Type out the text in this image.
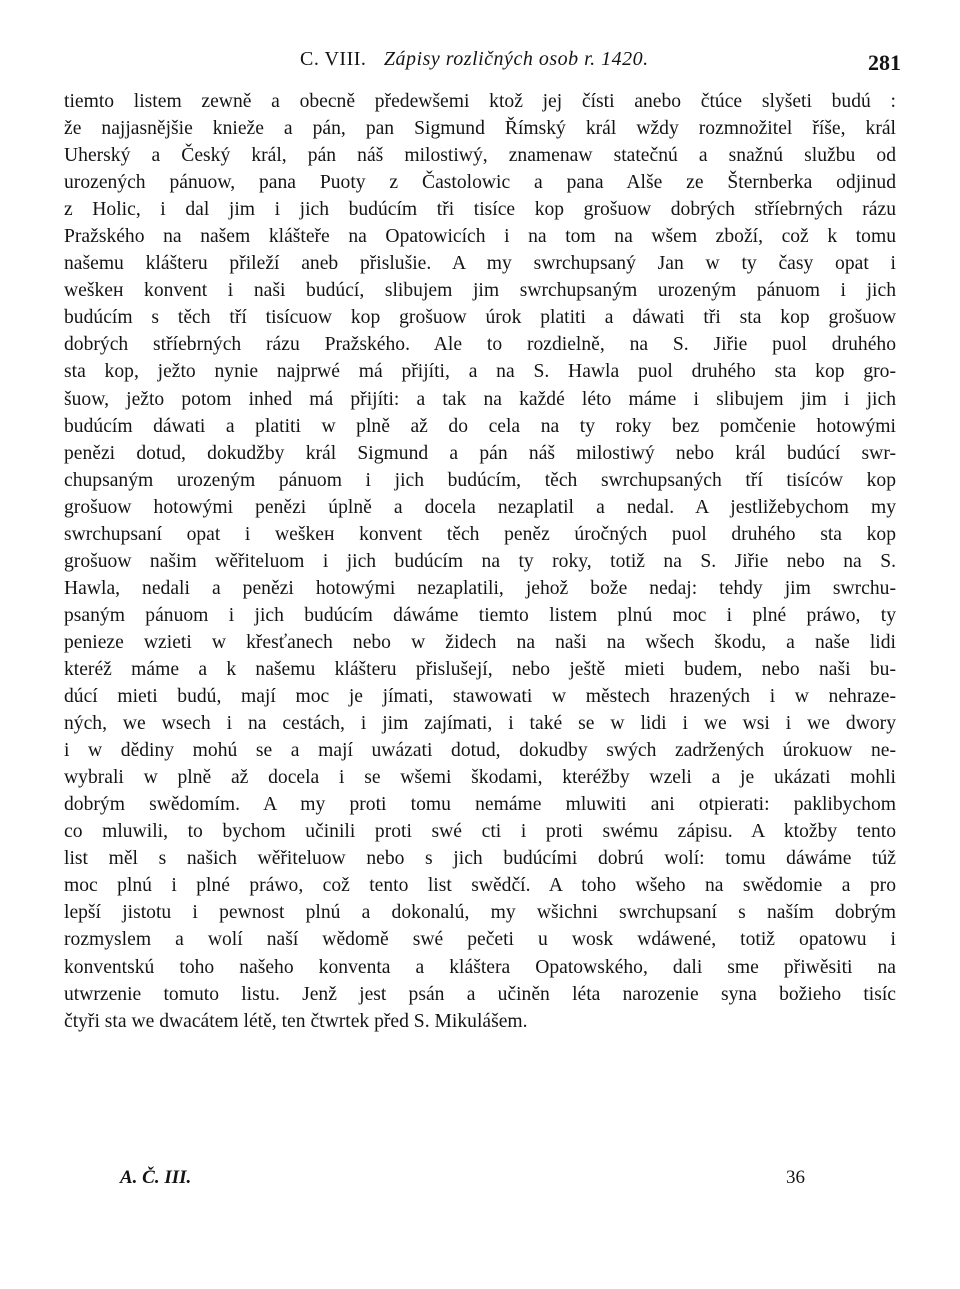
C. VIII. Zápisy rozličných osob r. 1420.	281
tiemto listem zewně a obecně předewšemi ktož jej čísti anebo čtúce slyšeti budú :
že najjasnějšie knieže a pán, pan Sigmund Římský král wždy rozmnožitel říše, král
Uherský a Český král, pán náš milostiwý, znamenaw statečnú a snažnú službu od
urozených pánuow, pana Puoty z Častolowic a pana Alše ze Šternberka odjinud
z Holic, i dal jim i jich budúcím tři tisíce kop grošuow dobrých stříebrných rázu
Pražského na našem klášteře na Opatowicích i na tom na wšem zboží, což k tomu
našemu klášteru přileží aneb přislušie. A my swrchupsaný Jan w ty časy opat i
weškeн konvent i naši budúcí, slibujem jim swrchupsaným urozeným pánuom i jich
budúcím s těch tří tisícuow kop grošuow úrok platiti a dáwati tři sta kop grošuow
dobrých stříebrných rázu Pražského. Ale to rozdielně, na S. Jiřie puol druhého
sta kop, ježto nynie najprwé má přijíti, a na S. Hawla puol druhého sta kop gro-
šuow, ježto potom inhed má přijíti: a tak na každé léto máme i slibujem jim i jich
budúcím dáwati a platiti w plně až do cela na ty roky bez pomčenie hotowými
penězi dotud, dokudžby král Sigmund a pán náš milostiwý nebo král budúcí swr-
chupsaným urozeným pánuom i jich budúcím, těch swrchupsaných tří tisíców kop
grošuow hotowými penězi úplně a docela nezaplatil a nedal. A jestližebychom my
swrchupsaní opat i weškeн konvent těch peněz úročných puol druhého sta kop
grošuow našim wěřiteluom i jich budúcím na ty roky, totiž na S. Jiřie nebo na S.
Hawla, nedali a penězi hotowými nezaplatili, jehož bože nedaj: tehdy jim swrchu-
psaným pánuom i jich budúcím dáwáme tiemto listem plnú moc i plné práwo, ty
penieze wzieti w křesťanech nebo w židech na naši na wšech škodu, a naše lidi
kteréž máme a k našemu klášteru přislušejí, nebo ještě mieti budem, nebo naši bu-
dúcí mieti budú, mají moc je jímati, stawowati w městech hrazených i w nehraze-
ných, we wsech i na cestách, i jim zajímati, i také se w lidi i we wsi i we dwory
i w dědiny mohú se a mají uwázati dotud, dokudby swých zadržených úrokuow ne-
wybrali w plně až docela i se wšemi škodami, kteréžby wzeli a je ukázati mohli
dobrým swědomím. A my proti tomu nemáme mluwiti ani otpierati: paklibychom
co mluwili, to bychom učinili proti swé cti i proti swému zápisu. A ktožby tento
list měl s našich wěřiteluow nebo s jich budúcími dobrú wolí: tomu dáwáme túž
moc plnú i plné práwo, což tento list swědčí. A toho wšeho na swědomie a pro
lepší jistotu i pewnost plnú a dokonalú, my wšichni swrchupsaní s naším dobrým
rozmyslem a wolí naší wědomě swé pečeti u wosk wdáwené, totiž opatowu i
konventskú toho našeho konventa a kláštera Opatowského, dali sme přiwěsiti na
utwrzenie tomuto listu. Jenž jest psán a učiněn léta narozenie syna božieho tisíc
čtyři sta we dwacátem létě, ten čtwrtek před S. Mikulášem.
A. Č. III.	36
